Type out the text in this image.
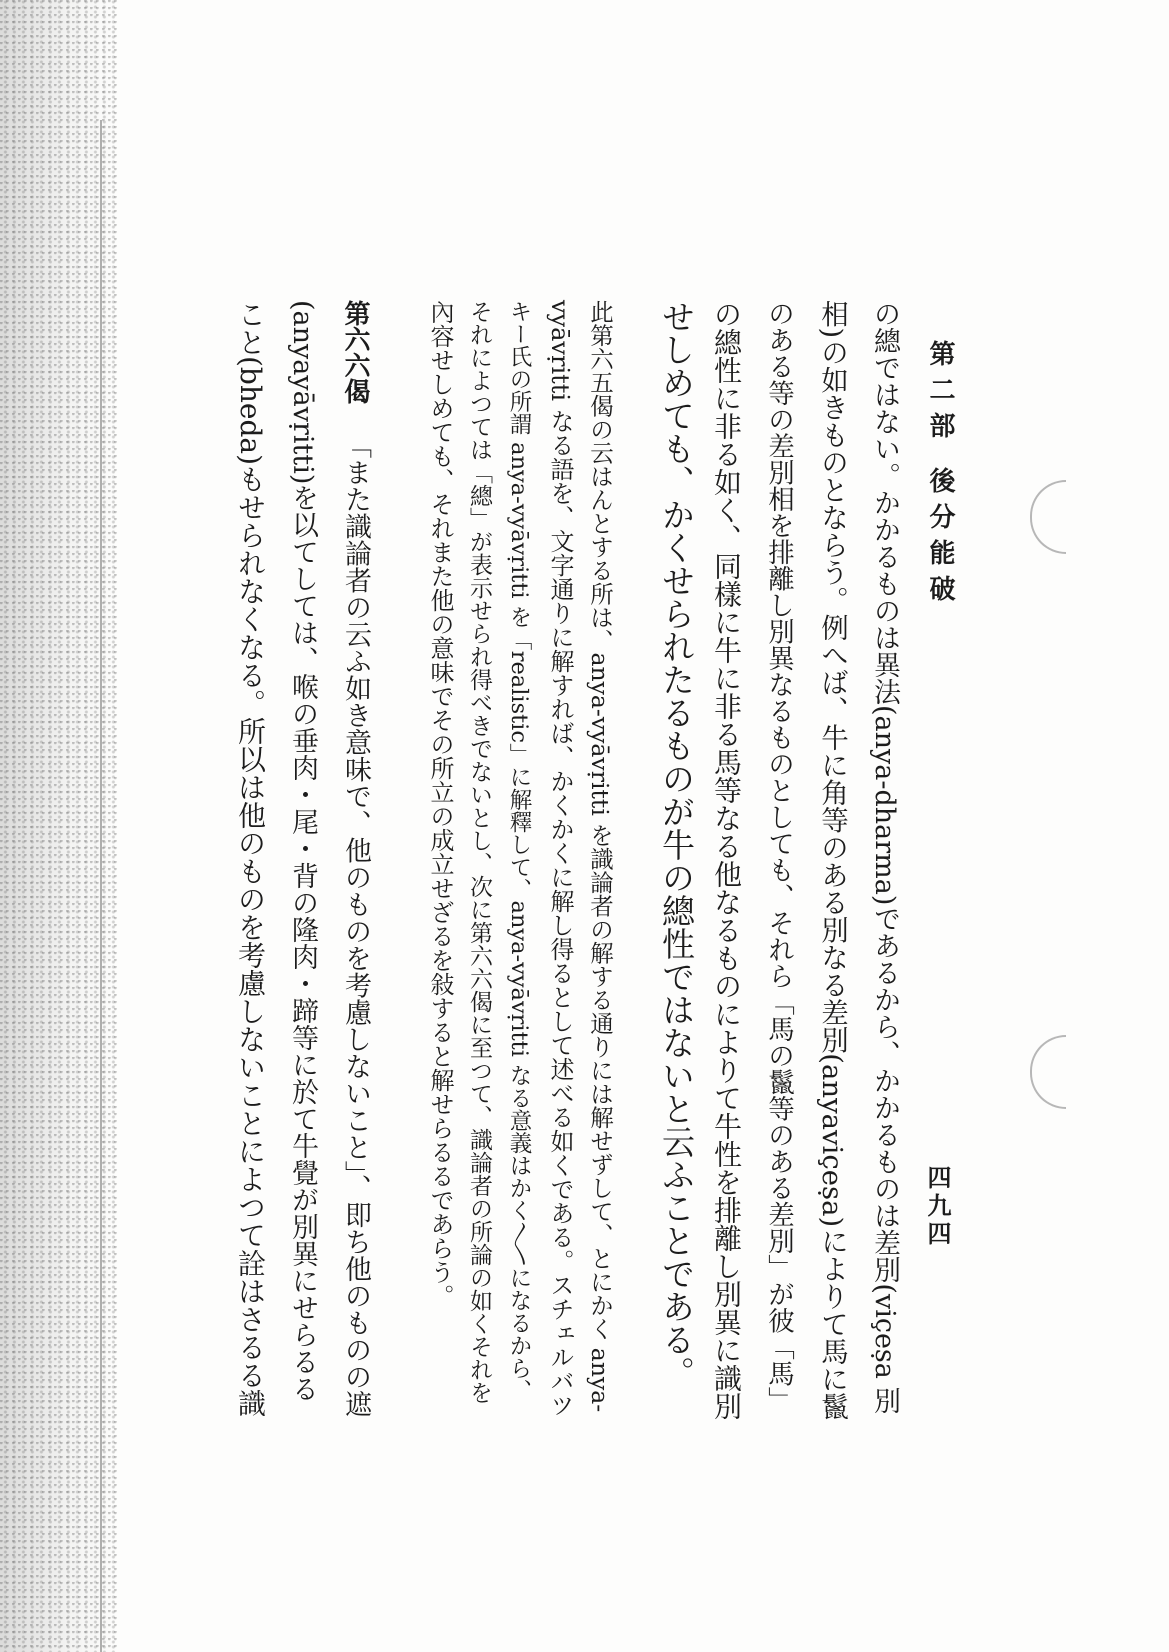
第二部 後分能破
四九四
の總ではない。かかるものは異法(anya-dharma)であるから、かかるものは差別(viçeṣa 別
相)の如きものとならう。例へば、牛に角等のある別なる差別(anyaviçeṣa)によりて馬に鬣
のある等の差別相を排離し別異なるものとしても、それら「馬の鬣等のある差別」が彼「馬」
の總性に非る如く、同樣に牛に非る馬等なる他なるものによりて牛性を排離し別異に識別
せしめても、かくせられたるものが牛の總性ではないと云ふことである。
此第六五偈の云はんとする所は、anya-vyāvṛitti を識論者の解する通りには解せずして、とにかく anya-
vyāvṛitti なる語を、文字通りに解すれば、かくかくに解し得るとして述べる如くである。スチェルバツ
キー氏の所謂 anya-vyāvṛitti を「realistic」に解釋して、anya-vyāvṛitti なる意義はかく〳〵になるから、
それによつては「總」が表示せられ得べきでないとし、次に第六六偈に至つて、識論者の所論の如くそれを
內容せしめても、それまた他の意味でその所立の成立せざるを敍すると解せらるるであらう。
第六六偈　「また識論者の云ふ如き意味で、他のものを考慮しないこと」、即ち他のものの遮
(anyayāvṛitti)を以てしては、喉の垂肉・尾・背の隆肉・蹄等に於て牛覺が別異にせらるる
こと(bheda)もせられなくなる。所以は他のものを考慮しないことによつて詮はさるる識
